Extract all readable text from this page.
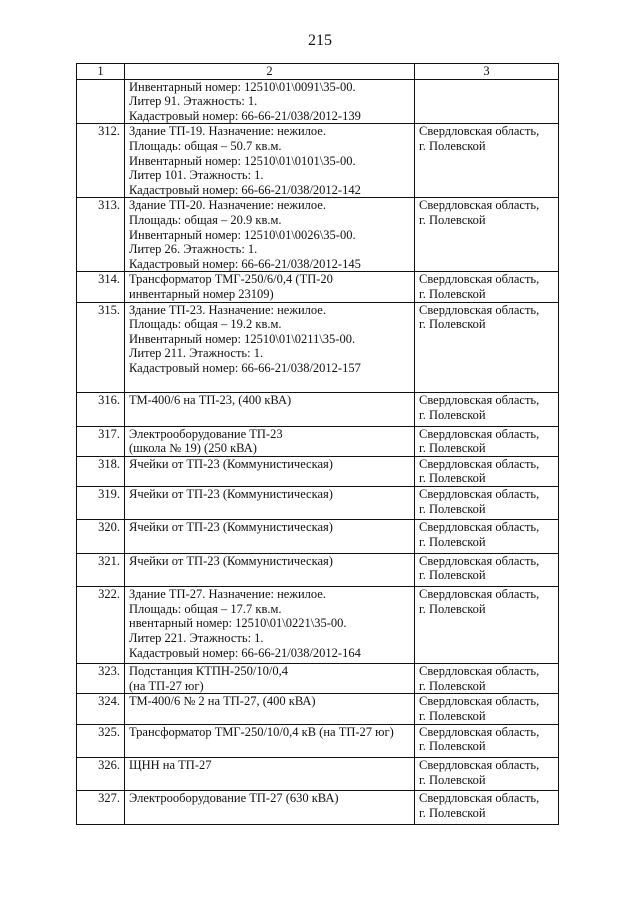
215
1	2	3

	Инвентарный номер: 12510\01\0091\35-00.
Литер 91. Этажность: 1.
Кадастровый номер: 66-66-21/038/2012-139	

312.	Здание ТП-19. Назначение: нежилое.
Площадь: общая – 50.7 кв.м.
Инвентарный номер: 12510\01\0101\35-00.
Литер 101. Этажность: 1.
Кадастровый номер: 66-66-21/038/2012-142	Свердловская область,
г. Полевской

313.	Здание ТП-20. Назначение: нежилое.
Площадь: общая – 20.9 кв.м.
Инвентарный номер: 12510\01\0026\35-00.
Литер 26. Этажность: 1.
Кадастровый номер: 66-66-21/038/2012-145	Свердловская область,
г. Полевской

314.	Трансформатор ТМГ-250/6/0,4 (ТП-20
инвентарный номер 23109)	Свердловская область,
г. Полевской

315.	Здание ТП-23. Назначение: нежилое.
Площадь: общая – 19.2 кв.м.
Инвентарный номер: 12510\01\0211\35-00.
Литер 211. Этажность: 1.
Кадастровый номер: 66-66-21/038/2012-157	Свердловская область,
г. Полевской

316.	ТМ-400/6 на ТП-23, (400 кВА)	Свердловская область,
г. Полевской

317.	Электрооборудование ТП-23
(школа № 19) (250 кВА)	Свердловская область,
г. Полевской

318.	Ячейки от ТП-23 (Коммунистическая)	Свердловская область,
г. Полевской

319.	Ячейки от ТП-23 (Коммунистическая)	Свердловская область,
г. Полевской

320.	Ячейки от ТП-23 (Коммунистическая)	Свердловская область,
г. Полевской

321.	Ячейки от ТП-23 (Коммунистическая)	Свердловская область,
г. Полевской

322.	Здание ТП-27. Назначение: нежилое.
Площадь: общая – 17.7 кв.м.
нвентарный номер: 12510\01\0221\35-00.
Литер 221. Этажность: 1.
Кадастровый номер: 66-66-21/038/2012-164	Свердловская область,
г. Полевской

323.	Подстанция КТПН-250/10/0,4
(на ТП-27 юг)	Свердловская область,
г. Полевской

324.	ТМ-400/6 № 2 на ТП-27, (400 кВА)	Свердловская область,
г. Полевской

325.	Трансформатор ТМГ-250/10/0,4 кВ (на ТП-27 юг)	Свердловская область,
г. Полевской

326.	ЩНН на ТП-27	Свердловская область,
г. Полевской

327.	Электрооборудование ТП-27 (630 кВА)	Свердловская область,
г. Полевской
